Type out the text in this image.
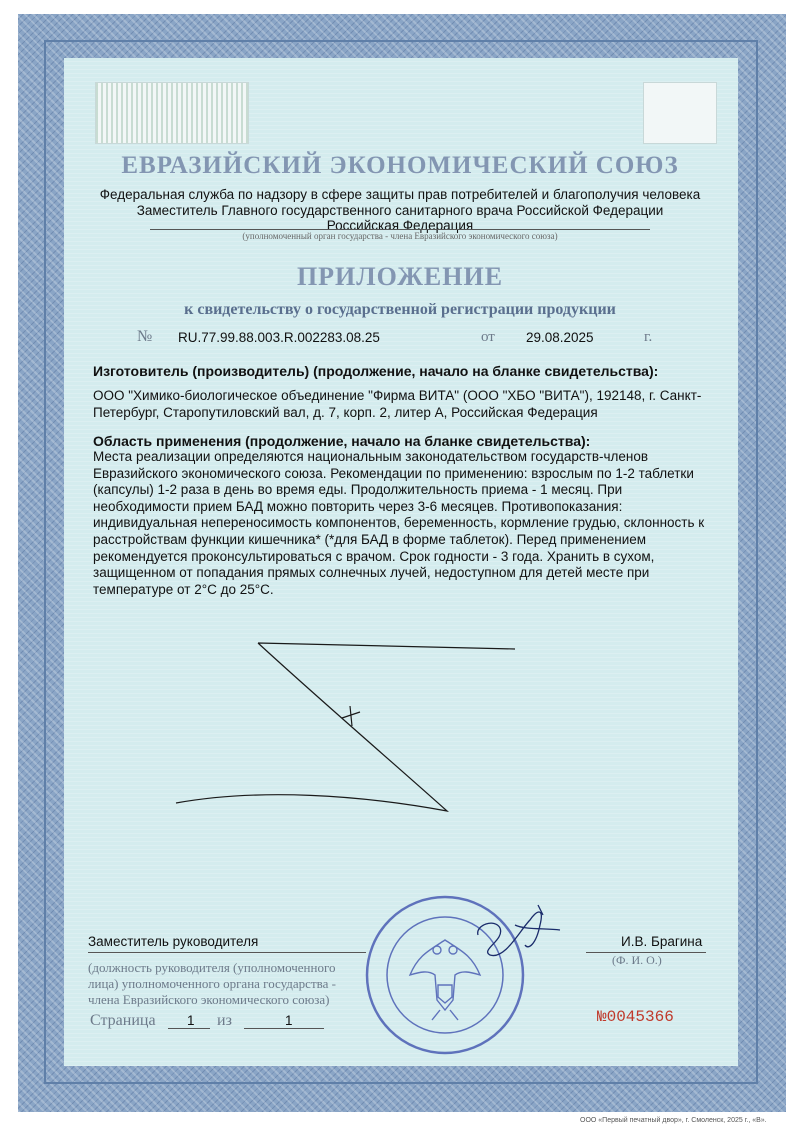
ЕВРАЗИЙСКИЙ ЭКОНОМИЧЕСКИЙ СОЮЗ
Федеральная служба по надзору в сфере защиты прав потребителей и благополучия человека
Заместитель Главного государственного санитарного врача Российской Федерации
Российская Федерация
(уполномоченный орган государства - члена Евразийского экономического союза)
ПРИЛОЖЕНИЕ
к свидетельству о государственной регистрации продукции
№ RU.77.99.88.003.R.002283.08.25	от 29.08.2025	г.
Изготовитель (производитель) (продолжение, начало на бланке свидетельства):
ООО "Химико-биологическое объединение "Фирма ВИТА" (ООО "ХБО "ВИТА"), 192148, г. Санкт-
Петербург, Старопутиловский вал, д. 7, корп. 2, литер А, Российская Федерация
Область применения (продолжение, начало на бланке свидетельства):
Места реализации определяются национальным законодательством государств-членов
Евразийского экономического союза. Рекомендации по применению: взрослым по 1-2 таблетки
(капсулы) 1-2 раза в день во время еды. Продолжительность приема - 1 месяц. При
необходимости прием БАД можно повторить через 3-6 месяцев. Противопоказания:
индивидуальная непереносимость компонентов, беременность, кормление грудью, склонность к
расстройствам функции кишечника* (*для БАД в форме таблеток). Перед применением
рекомендуется проконсультироваться с врачом. Срок годности - 3 года. Хранить в сухом,
защищенном от попадания прямых солнечных лучей, недоступном для детей месте при
температуре от 2°С до 25°С.
Заместитель руководителя	И.В. Брагина
(Ф. И. О.)
(должность руководителя (уполномоченного
лица) уполномоченного органа государства -
члена Евразийского экономического союза)
Страница 1 из	1	№0045366
ООО «Первый печатный двор», г. Смоленск, 2025 г., «В».
